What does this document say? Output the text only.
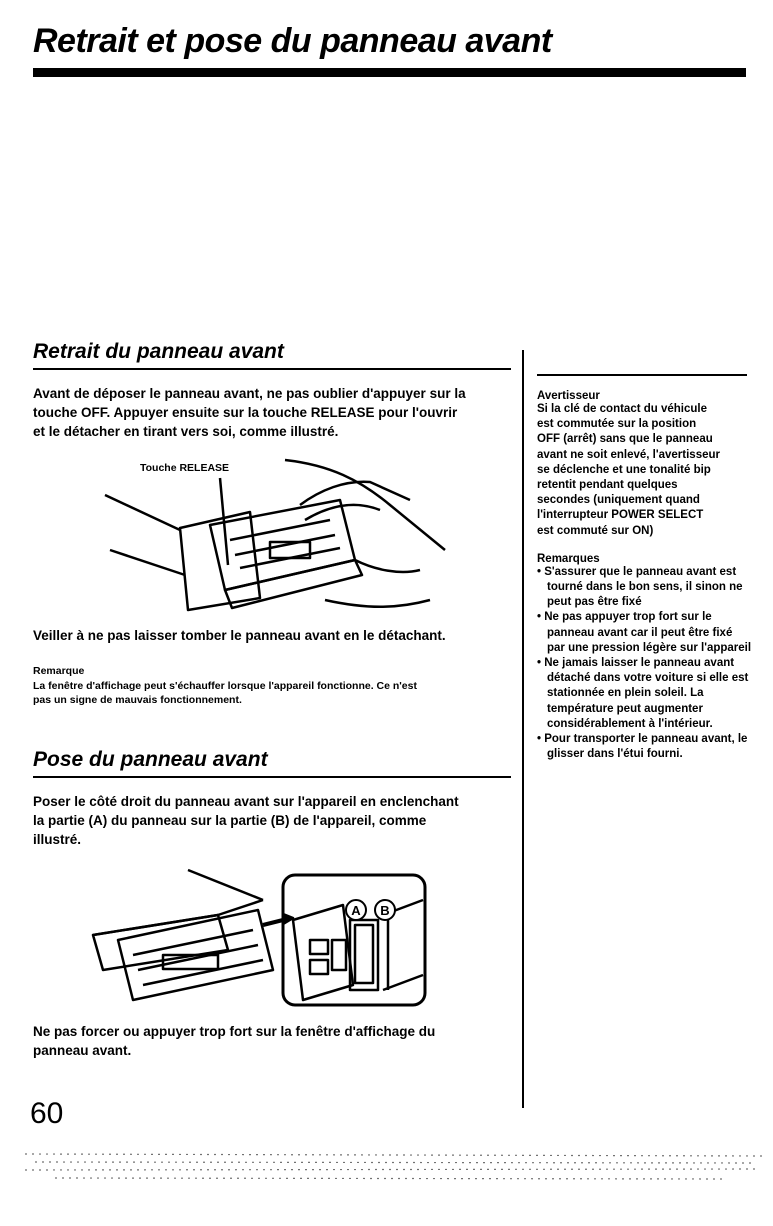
Retrait et pose du panneau avant
Retrait du panneau avant

Avant de déposer le panneau avant, ne pas oublier d'appuyer sur la

touche OFF. Appuyer ensuite sur la touche RELEASE pour l'ouvrir

et le détacher en tirant vers soi, comme illustré.

Touche RELEASE

Veiller à ne pas laisser tomber le panneau avant en le détachant.

Remarque

La fenêtre d'affichage peut s'échauffer lorsque l'appareil fonctionne. Ce n'est

pas un signe de mauvais fonctionnement.

Pose du panneau avant

Poser le côté droit du panneau avant sur l'appareil en enclenchant

la partie (A) du panneau sur la partie (B) de l'appareil, comme

illustré.

A B

Ne pas forcer ou appuyer trop fort sur la fenêtre d'affichage du

panneau avant.

Avertisseur

Si la clé de contact du véhicule

est commutée sur la position

OFF (arrêt) sans que le panneau

avant ne soit enlevé, l'avertisseur

se déclenche et une tonalité bip

retentit pendant quelques

secondes (uniquement quand

l'interrupteur POWER SELECT

est commuté sur ON)

Remarques

• S'assurer que le panneau avant est tourné dans le bon sens, il sinon ne peut pas être fixé
• Ne pas appuyer trop fort sur le panneau avant car il peut être fixé par une pression légère sur l'appareil
• Ne jamais laisser le panneau avant détaché dans votre voiture si elle est stationnée en plein soleil. La température peut augmenter considérablement à l'intérieur.
• Pour transporter le panneau avant, le glisser dans l'étui fourni.

60
